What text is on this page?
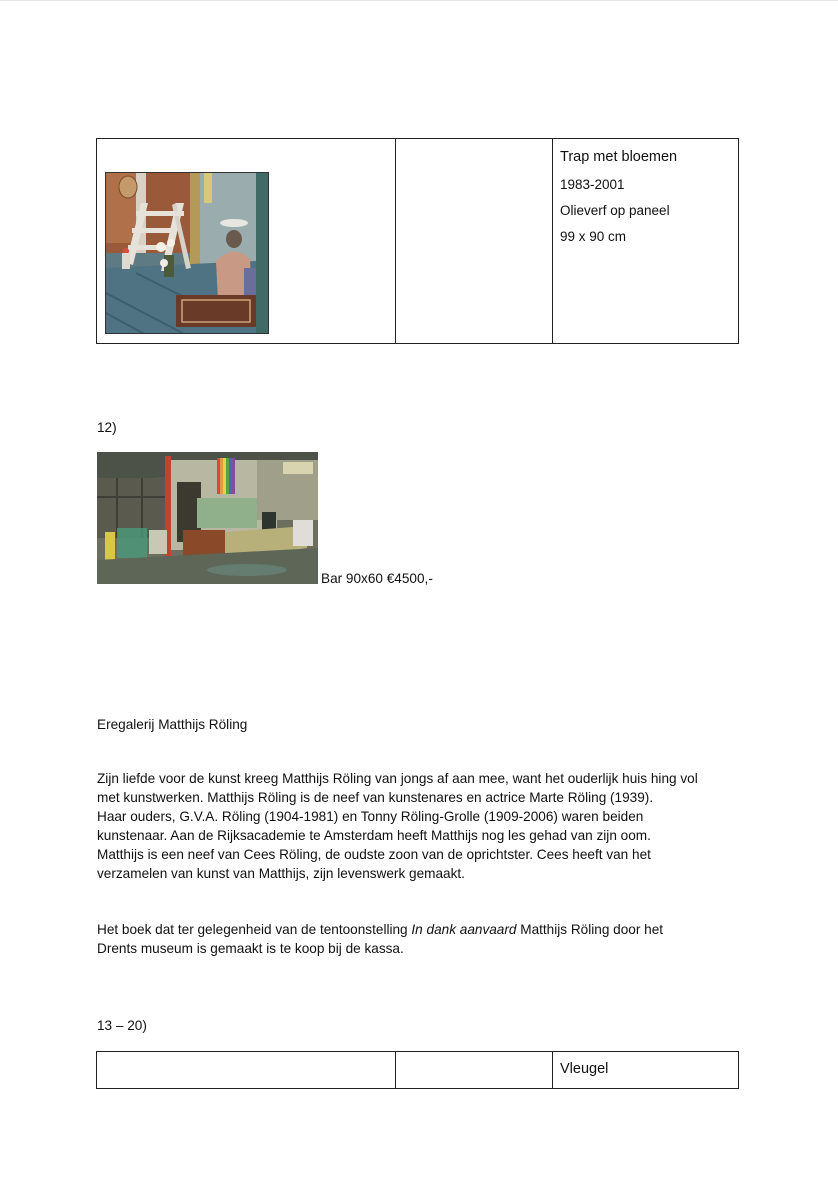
Trap met bloemen
1983-2001
Olieverf op paneel
99 x 90 cm
12)
Bar 90x60 €4500,-
Eregalerij Matthijs Röling
Zijn liefde voor de kunst kreeg Matthijs Röling van jongs af aan mee, want het ouderlijk huis hing vol
met kunstwerken. Matthijs Röling is de neef van kunstenares en actrice Marte Röling (1939).
Haar ouders, G.V.A. Röling (1904-1981) en Tonny Röling-Grolle (1909-2006) waren beiden
kunstenaar. Aan de Rijksacademie te Amsterdam heeft Matthijs nog les gehad van zijn oom.
Matthijs is een neef van Cees Röling, de oudste zoon van de oprichtster. Cees heeft van het
verzamelen van kunst van Matthijs, zijn levenswerk gemaakt.
Het boek dat ter gelegenheid van de tentoonstelling In dank aanvaard Matthijs Röling door het
Drents museum is gemaakt is te koop bij de kassa.
13 – 20)
Vleugel
